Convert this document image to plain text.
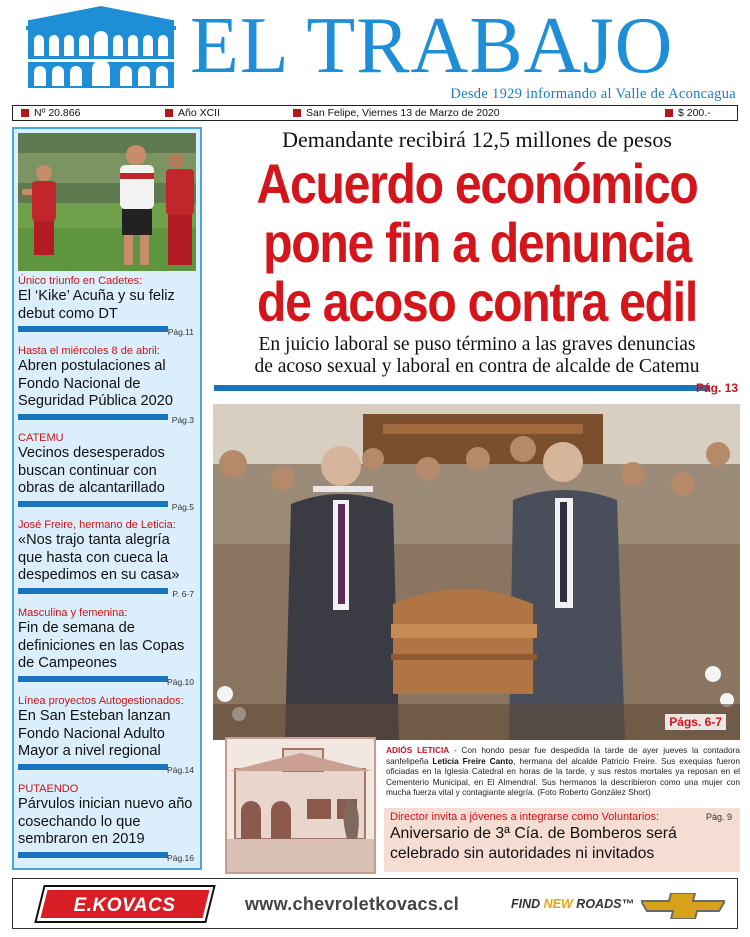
EL TRABAJO
Desde 1929 informando al Valle de Aconcagua
Nº 20.866	Año XCII	San Felipe, Viernes 13 de Marzo de 2020	$ 200.-
Único triunfo en Cadetes:
El ‘Kike’ Acuña y su feliz debut como DT
Pág.11
Hasta el miércoles 8 de abril:
Abren postulaciones al Fondo Nacional de Seguridad Pública 2020
Pág.3
CATEMU
Vecinos desesperados buscan continuar con obras de alcantarillado
Pág.5
José Freire, hermano de Leticia:
«Nos trajo tanta alegría que hasta con cueca la despedimos en su casa»
P. 6-7
Masculina y femenina:
Fin de semana de definiciones en las Copas de Campeones
Pág.10
Línea proyectos Autogestionados:
En San Esteban lanzan Fondo Nacional Adulto Mayor a nivel regional
Pág.14
PUTAENDO
Párvulos inician nuevo año cosechando lo que sembraron en 2019
Pág.16
Demandante recibirá 12,5 millones de pesos
Acuerdo económico
pone fin a denuncia
de acoso contra edil
En juicio laboral se puso término a las graves denuncias
de acoso sexual y laboral en contra de alcalde de Catemu
Pág. 13
Págs. 6-7
ADIÓS LETICIA - Con hondo pesar fue despedida la tarde de ayer jueves la contadora sanfelipeña Leticia Freire Canto, hermana del alcalde Patricio Freire. Sus exequias fueron oficiadas en la Iglesia Catedral en horas de la tarde, y sus restos mortales ya reposan en el Cementerio Municipal, en El Almendral. Sus hermanos la describieron como una mujer con mucha fuerza vital y contagiante alegría. (Foto Roberto González Short)
Director invita a jóvenes a integrarse como Voluntarios:	Pág. 9
Aniversario de 3ª Cía. de Bomberos será
celebrado sin autoridades ni invitados
E.KOVACS	www.chevroletkovacs.cl	FIND NEW ROADS™
